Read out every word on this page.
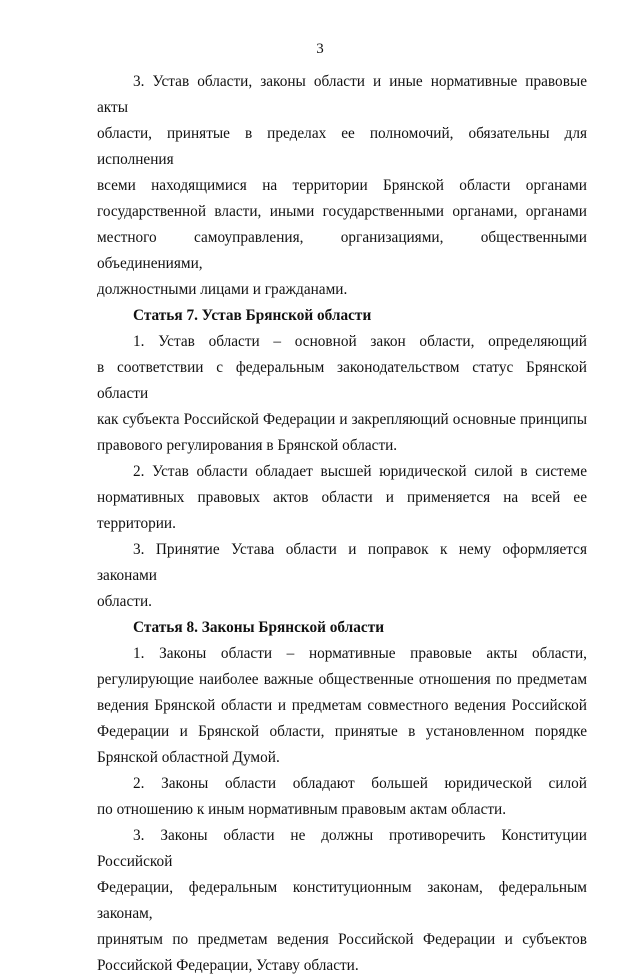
3
3. Устав области, законы области и иные нормативные правовые акты
области, принятые в пределах ее полномочий, обязательны для исполнения
всеми находящимися на территории Брянской области органами
государственной власти, иными государственными органами, органами
местного самоуправления, организациями, общественными объединениями,
должностными лицами и гражданами.
Статья 7. Устав Брянской области
1. Устав области – основной закон области, определяющий
в соответствии с федеральным законодательством статус Брянской области
как субъекта Российской Федерации и закрепляющий основные принципы
правового регулирования в Брянской области.
2. Устав области обладает высшей юридической силой в системе
нормативных правовых актов области и применяется на всей ее территории.
3. Принятие Устава области и поправок к нему оформляется законами
области.
Статья 8. Законы Брянской области
1. Законы области – нормативные правовые акты области,
регулирующие наиболее важные общественные отношения по предметам
ведения Брянской области и предметам совместного ведения Российской
Федерации и Брянской области, принятые в установленном порядке
Брянской областной Думой.
2. Законы области обладают большей юридической силой
по отношению к иным нормативным правовым актам области.
3. Законы области не должны противоречить Конституции Российской
Федерации, федеральным конституционным законам, федеральным законам,
принятым по предметам ведения Российской Федерации и субъектов
Российской Федерации, Уставу области.
